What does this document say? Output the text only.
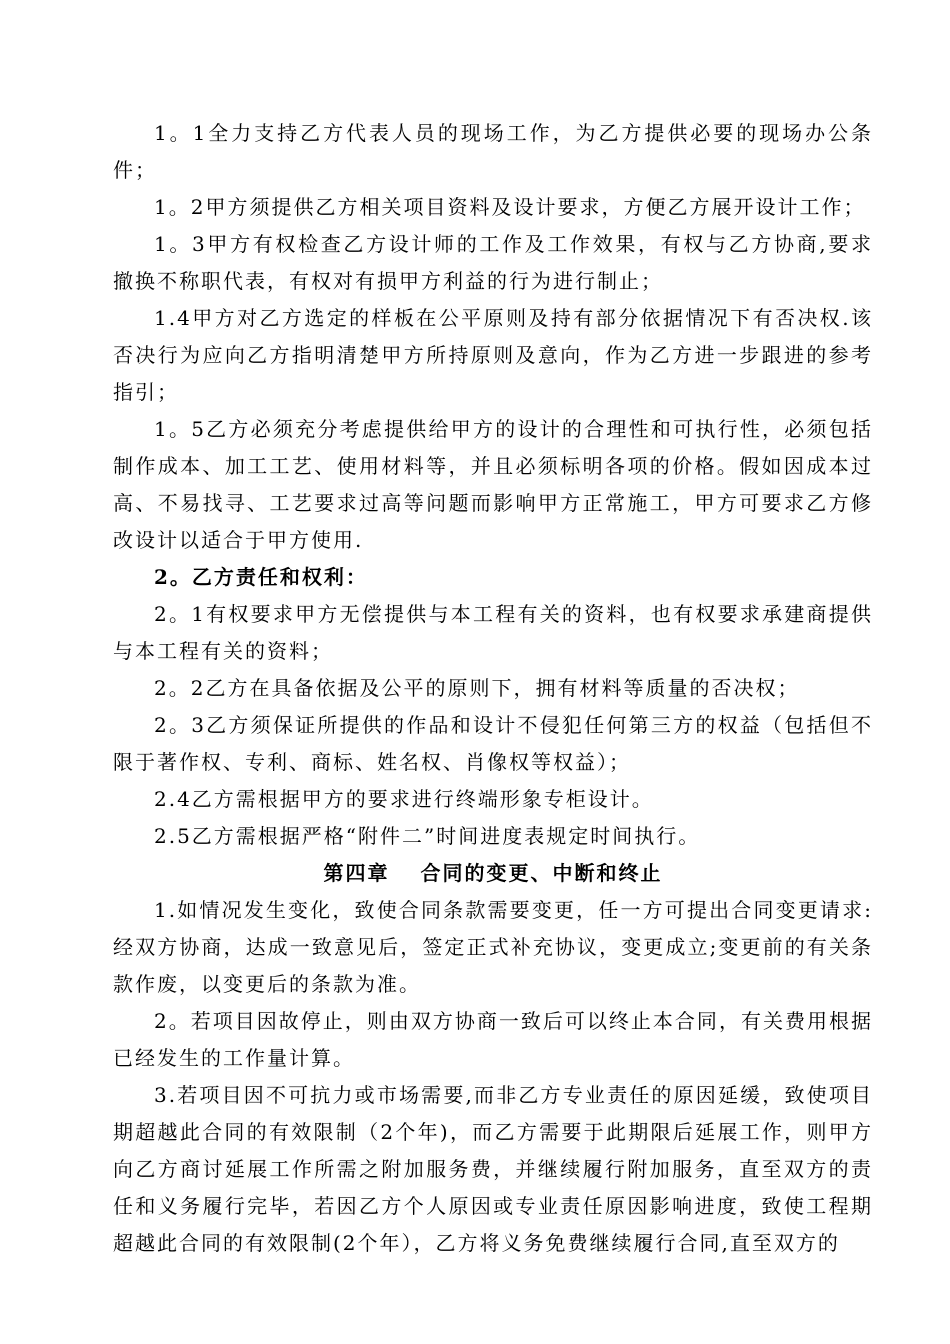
1。1全力支持乙方代表人员的现场工作，为乙方提供必要的现场办公条件；

1。2甲方须提供乙方相关项目资料及设计要求，方便乙方展开设计工作；

1。3甲方有权检查乙方设计师的工作及工作效果，有权与乙方协商,要求撤换不称职代表，有权对有损甲方利益的行为进行制止；

1.4甲方对乙方选定的样板在公平原则及持有部分依据情况下有否决权.该否决行为应向乙方指明清楚甲方所持原则及意向，作为乙方进一步跟进的参考指引；

1。5乙方必须充分考虑提供给甲方的设计的合理性和可执行性，必须包括制作成本、加工工艺、使用材料等，并且必须标明各项的价格。假如因成本过高、不易找寻、工艺要求过高等问题而影响甲方正常施工，甲方可要求乙方修改设计以适合于甲方使用.

2。乙方责任和权利：

2。1有权要求甲方无偿提供与本工程有关的资料，也有权要求承建商提供与本工程有关的资料；

2。2乙方在具备依据及公平的原则下，拥有材料等质量的否决权；

2。3乙方须保证所提供的作品和设计不侵犯任何第三方的权益（包括但不限于著作权、专利、商标、姓名权、肖像权等权益）；

2.4乙方需根据甲方的要求进行终端形象专柜设计。

2.5乙方需根据严格“附件二”时间进度表规定时间执行。

第四章　 合同的变更、中断和终止

1.如情况发生变化，致使合同条款需要变更，任一方可提出合同变更请求:经双方协商，达成一致意见后，签定正式补充协议，变更成立;变更前的有关条款作废，以变更后的条款为准。

2。若项目因故停止，则由双方协商一致后可以终止本合同，有关费用根据已经发生的工作量计算。

3.若项目因不可抗力或市场需要,而非乙方专业责任的原因延缓，致使项目期超越此合同的有效限制（2个年)，而乙方需要于此期限后延展工作，则甲方向乙方商讨延展工作所需之附加服务费，并继续履行附加服务，直至双方的责任和义务履行完毕，若因乙方个人原因或专业责任原因影响进度，致使工程期超越此合同的有效限制(2个年），乙方将义务免费继续履行合同,直至双方的
